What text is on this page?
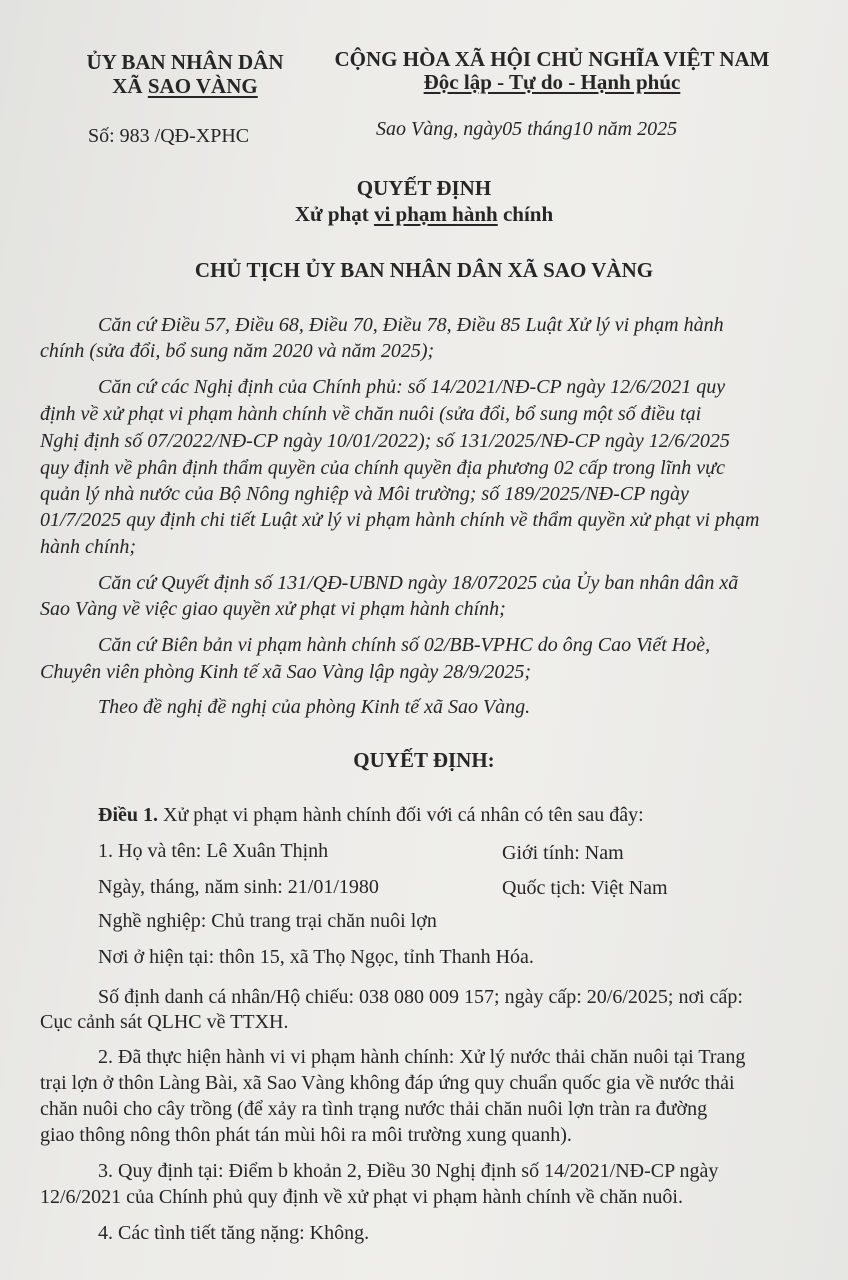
ỦY BAN NHÂN DÂN
XÃ SAO VÀNG
CỘNG HÒA XÃ HỘI CHỦ NGHĨA VIỆT NAM
Độc lập - Tự do - Hạnh phúc
Số: 983 /QĐ-XPHC	Sao Vàng, ngày05 tháng10 năm 2025
QUYẾT ĐỊNH
Xử phạt vi phạm hành chính
CHỦ TỊCH ỦY BAN NHÂN DÂN XÃ SAO VÀNG
Căn cứ Điều 57, Điều 68, Điều 70, Điều 78, Điều 85 Luật Xử lý vi phạm hành
chính (sửa đổi, bổ sung năm 2020 và năm 2025);
Căn cứ các Nghị định của Chính phủ: số 14/2021/NĐ-CP ngày 12/6/2021 quy
định về xử phạt vi phạm hành chính về chăn nuôi (sửa đổi, bổ sung một số điều tại
Nghị định số 07/2022/NĐ-CP ngày 10/01/2022); số 131/2025/NĐ-CP ngày 12/6/2025
quy định về phân định thẩm quyền của chính quyền địa phương 02 cấp trong lĩnh vực
quản lý nhà nước của Bộ Nông nghiệp và Môi trường; số 189/2025/NĐ-CP ngày
01/7/2025 quy định chi tiết Luật xử lý vi phạm hành chính về thẩm quyền xử phạt vi phạm
hành chính;
Căn cứ Quyết định số 131/QĐ-UBND ngày 18/072025 của Ủy ban nhân dân xã
Sao Vàng về việc giao quyền xử phạt vi phạm hành chính;
Căn cứ Biên bản vi phạm hành chính số 02/BB-VPHC do ông Cao Viết Hoè,
Chuyên viên phòng Kinh tế xã Sao Vàng lập ngày 28/9/2025;
Theo đề nghị đề nghị của phòng Kinh tế xã Sao Vàng.
QUYẾT ĐỊNH:
Điều 1. Xử phạt vi phạm hành chính đối với cá nhân có tên sau đây:
1. Họ và tên: Lê Xuân Thịnh	Giới tính: Nam
Ngày, tháng, năm sinh: 21/01/1980	Quốc tịch: Việt Nam
Nghề nghiệp: Chủ trang trại chăn nuôi lợn
Nơi ở hiện tại: thôn 15, xã Thọ Ngọc, tỉnh Thanh Hóa.
Số định danh cá nhân/Hộ chiếu: 038 080 009 157; ngày cấp: 20/6/2025; nơi cấp:
Cục cảnh sát QLHC về TTXH.
2. Đã thực hiện hành vi vi phạm hành chính: Xử lý nước thải chăn nuôi tại Trang
trại lợn ở thôn Làng Bài, xã Sao Vàng không đáp ứng quy chuẩn quốc gia về nước thải
chăn nuôi cho cây trồng (để xảy ra tình trạng nước thải chăn nuôi lợn tràn ra đường
giao thông nông thôn phát tán mùi hôi ra môi trường xung quanh).
3. Quy định tại: Điểm b khoản 2, Điều 30 Nghị định số 14/2021/NĐ-CP ngày
12/6/2021 của Chính phủ quy định về xử phạt vi phạm hành chính về chăn nuôi.
4. Các tình tiết tăng nặng: Không.
